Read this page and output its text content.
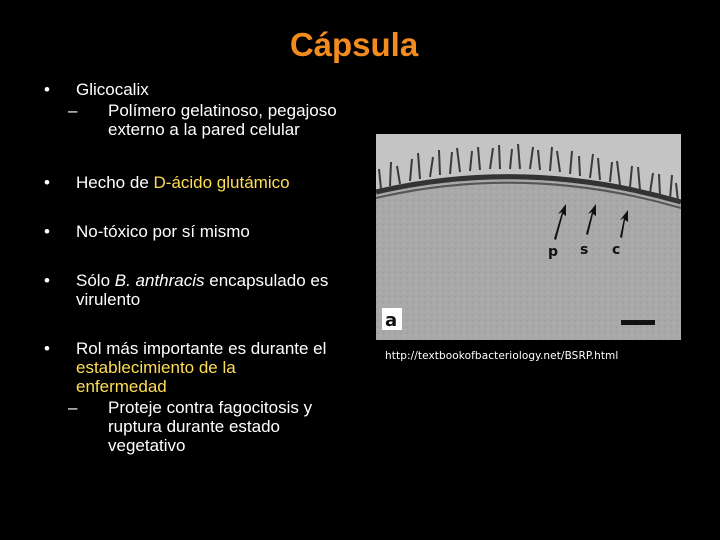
Cápsula
• Glicocalix
– Polímero gelatinoso, pegajoso externo a la pared celular
• Hecho de D-ácido glutámico
• No-tóxico por sí mismo
• Sólo B. anthracis encapsulado es virulento
• Rol más importante es durante el establecimiento de la enfermedad
– Proteje contra fagocitosis y ruptura durante estado vegetativo
p s c
a
http://textbookofbacteriology.net/BSRP.html
